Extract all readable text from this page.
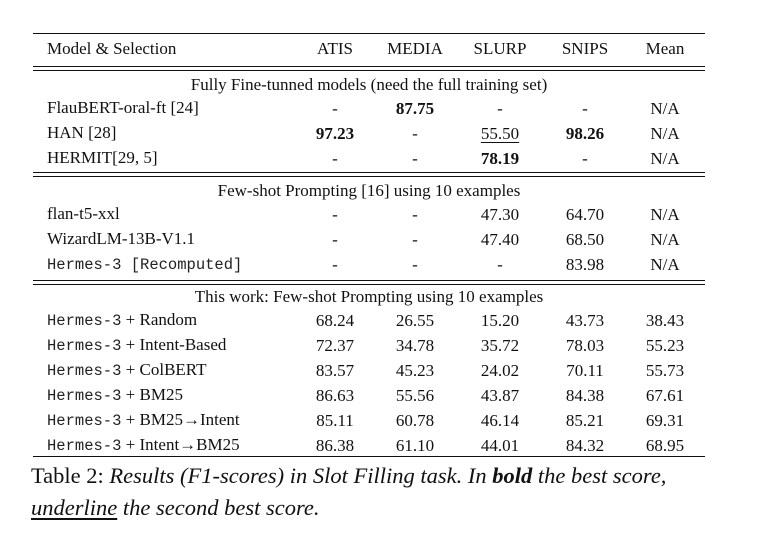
Model & Selection	ATIS	MEDIA	SLURP	SNIPS	Mean
Fully Fine-tunned models (need the full training set)					
FlauBERT-oral-ft [24]	-	87.75	-	-	N/A
HAN [28]	97.23	-	55.50	98.26	N/A
HERMIT[29, 5]	-	-	78.19	-	N/A
Few-shot Prompting [16] using 10 examples					
flan-t5-xxl	-	-	47.30	64.70	N/A
WizardLM-13B-V1.1	-	-	47.40	68.50	N/A
Hermes-3 [Recomputed]	-	-	-	83.98	N/A
This work: Few-shot Prompting using 10 examples					
Hermes-3 + Random	68.24	26.55	15.20	43.73	38.43
Hermes-3 + Intent-Based	72.37	34.78	35.72	78.03	55.23
Hermes-3 + ColBERT	83.57	45.23	24.02	70.11	55.73
Hermes-3 + BM25	86.63	55.56	43.87	84.38	67.61
Hermes-3 + BM25→Intent	85.11	60.78	46.14	85.21	69.31
Hermes-3 + Intent→BM25	86.38	61.10	44.01	84.32	68.95
Table 2: Results (F1-scores) in Slot Filling task. In bold the best score, underline the second best score.
